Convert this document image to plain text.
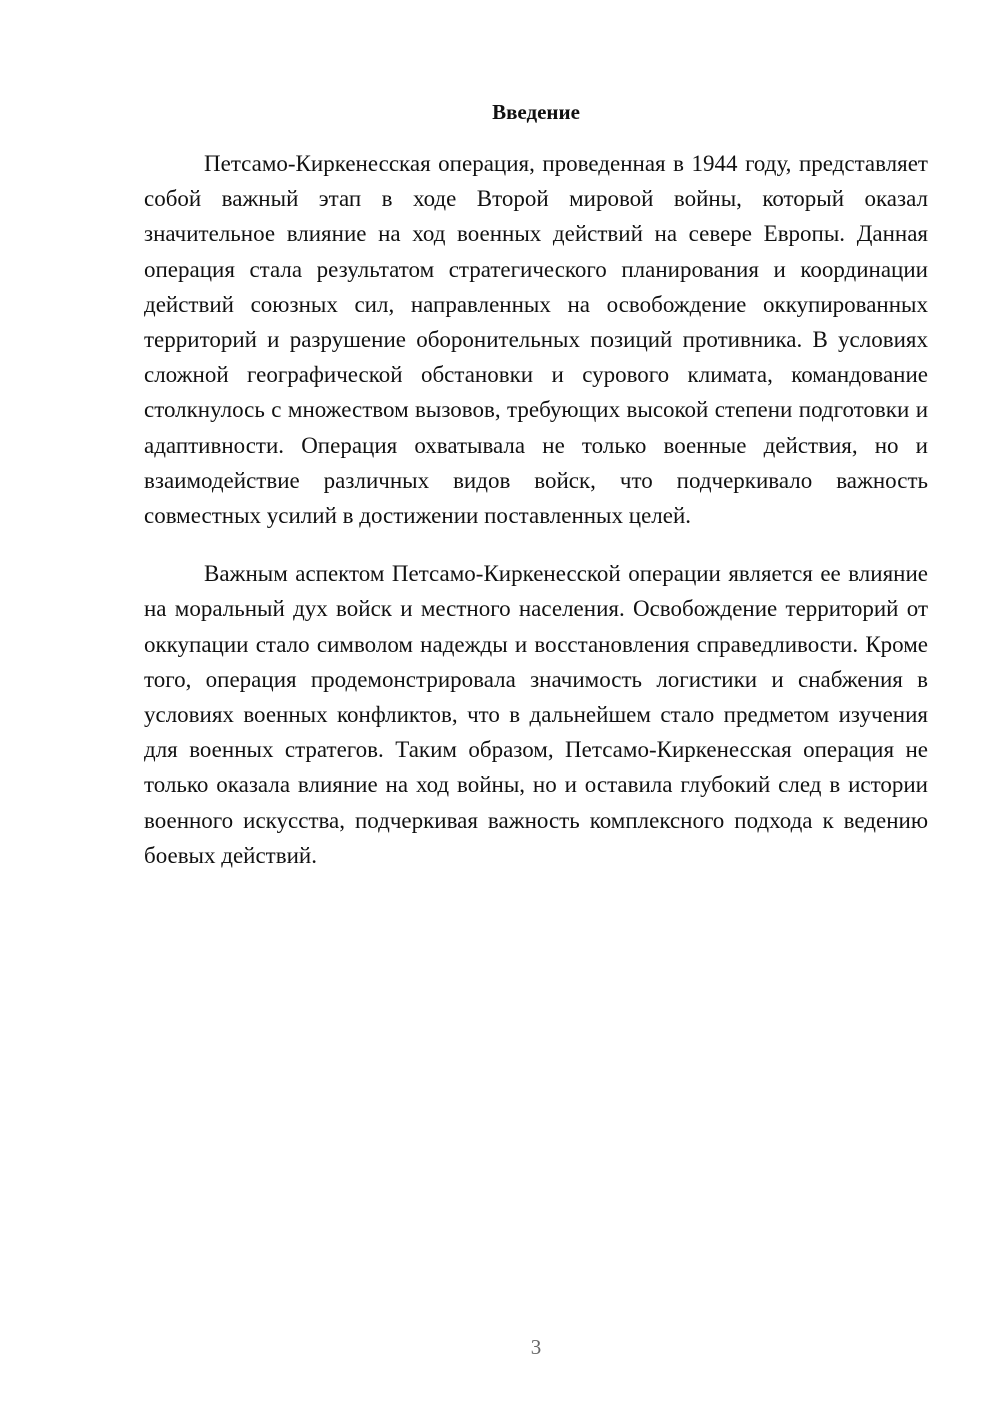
Введение

Петсамо-Киркенесская операция, проведенная в 1944 году, представляет собой важный этап в ходе Второй мировой войны, который оказал значительное влияние на ход военных действий на севере Европы. Данная операция стала результатом стратегического планирования и координации действий союзных сил, направленных на освобождение оккупированных территорий и разрушение оборонительных позиций противника. В условиях сложной географической обстановки и сурового климата, командование столкнулось с множеством вызовов, требующих высокой степени подготовки и адаптивности. Операция охватывала не только военные действия, но и взаимодействие различных видов войск, что подчеркивало важность совместных усилий в достижении поставленных целей.

Важным аспектом Петсамо-Киркенесской операции является ее влияние на моральный дух войск и местного населения. Освобождение территорий от оккупации стало символом надежды и восстановления справедливости. Кроме того, операция продемонстрировала значимость логистики и снабжения в условиях военных конфликтов, что в дальнейшем стало предметом изучения для военных стратегов. Таким образом, Петсамо-Киркенесская операция не только оказала влияние на ход войны, но и оставила глубокий след в истории военного искусства, подчеркивая важность комплексного подхода к ведению боевых действий.

3
